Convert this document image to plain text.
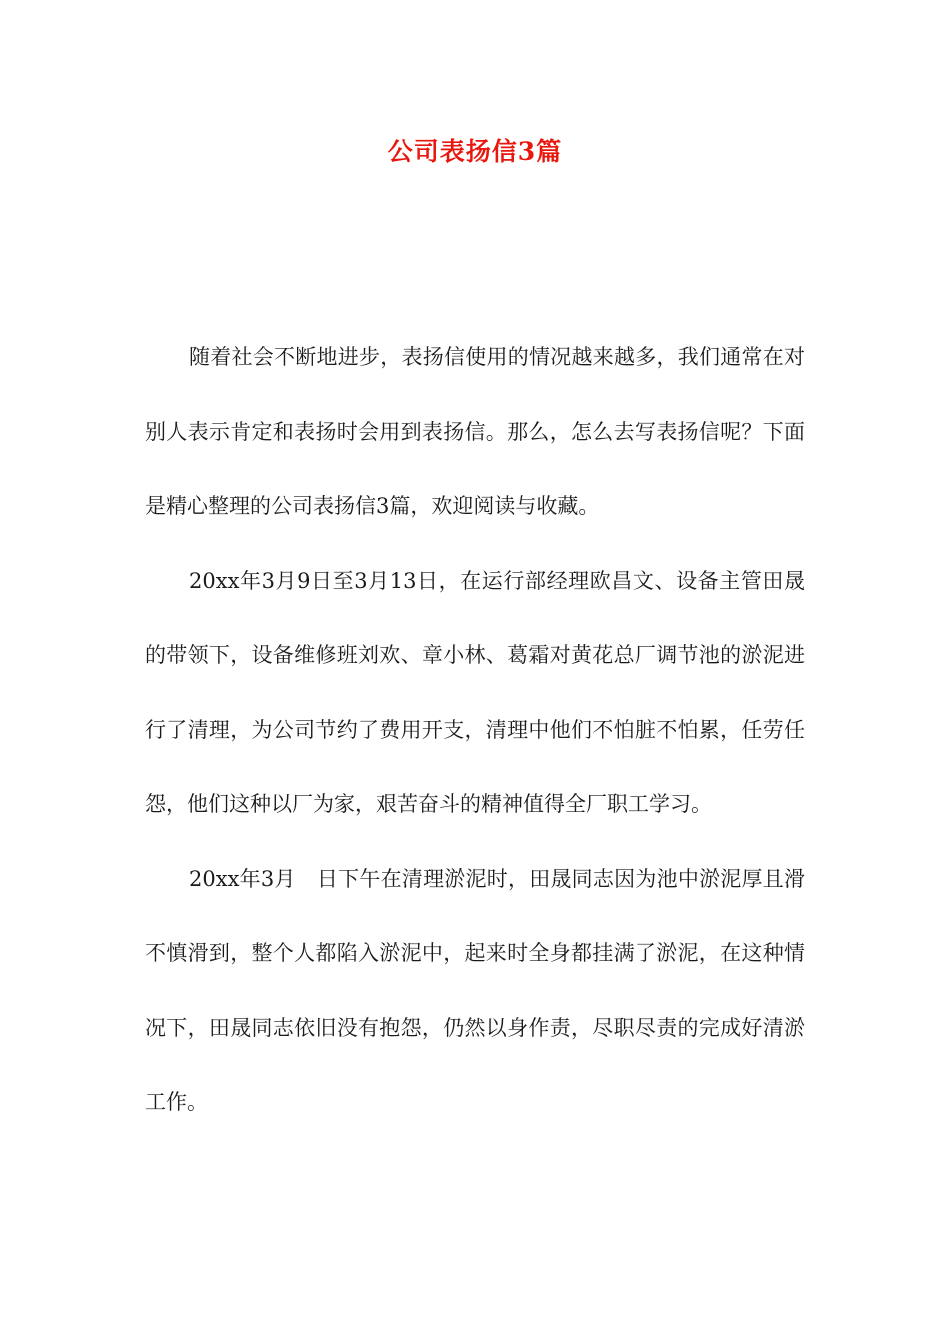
公司表扬信3篇

随着社会不断地进步，表扬信使用的情况越来越多，我们通常在对别人表示肯定和表扬时会用到表扬信。那么，怎么去写表扬信呢？下面是精心整理的公司表扬信3篇，欢迎阅读与收藏。

20xx年3月9日至3月13日，在运行部经理欧昌文、设备主管田晟的带领下，设备维修班刘欢、章小林、葛霜对黄花总厂调节池的淤泥进行了清理，为公司节约了费用开支，清理中他们不怕脏不怕累，任劳任怨，他们这种以厂为家，艰苦奋斗的精神值得全厂职工学习。

20xx年3月　日下午在清理淤泥时，田晟同志因为池中淤泥厚且滑不慎滑到，整个人都陷入淤泥中，起来时全身都挂满了淤泥，在这种情况下，田晟同志依旧没有抱怨，仍然以身作责，尽职尽责的完成好清淤工作。
